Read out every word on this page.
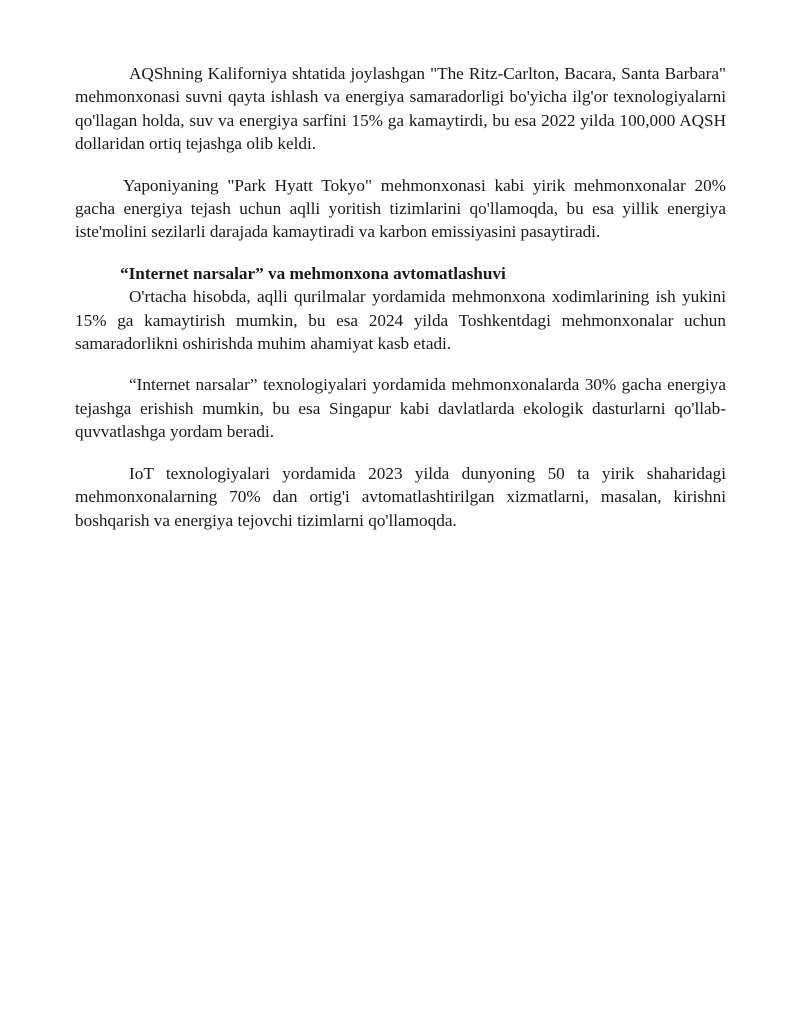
AQShning Kaliforniya shtatida joylashgan "The Ritz-Carlton, Bacara, Santa Barbara" mehmonxonasi suvni qayta ishlash va energiya samaradorligi bo'yicha ilg'or texnologiyalarni qo'llagan holda, suv va energiya sarfini 15% ga kamaytirdi, bu esa 2022 yilda 100,000 AQSH dollaridan ortiq tejashga olib keldi.

Yaponiyaning "Park Hyatt Tokyo" mehmonxonasi kabi yirik mehmonxonalar 20% gacha energiya tejash uchun aqlli yoritish tizimlarini qo'llamoqda, bu esa yillik energiya iste'molini sezilarli darajada kamaytiradi va karbon emissiyasini pasaytiradi.

“Internet narsalar” va mehmonxona avtomatlashuvi

O'rtacha hisobda, aqlli qurilmalar yordamida mehmonxona xodimlarining ish yukini 15% ga kamaytirish mumkin, bu esa 2024 yilda Toshkentdagi mehmonxonalar uchun samaradorlikni oshirishda muhim ahamiyat kasb etadi.

“Internet narsalar” texnologiyalari yordamida mehmonxonalarda 30% gacha energiya tejashga erishish mumkin, bu esa Singapur kabi davlatlarda ekologik dasturlarni qo'llab-quvvatlashga yordam beradi.

IoT texnologiyalari yordamida 2023 yilda dunyoning 50 ta yirik shaharidagi mehmonxonalarning 70% dan ortig'i avtomatlashtirilgan xizmatlarni, masalan, kirishni boshqarish va energiya tejovchi tizimlarni qo'llamoqda.
